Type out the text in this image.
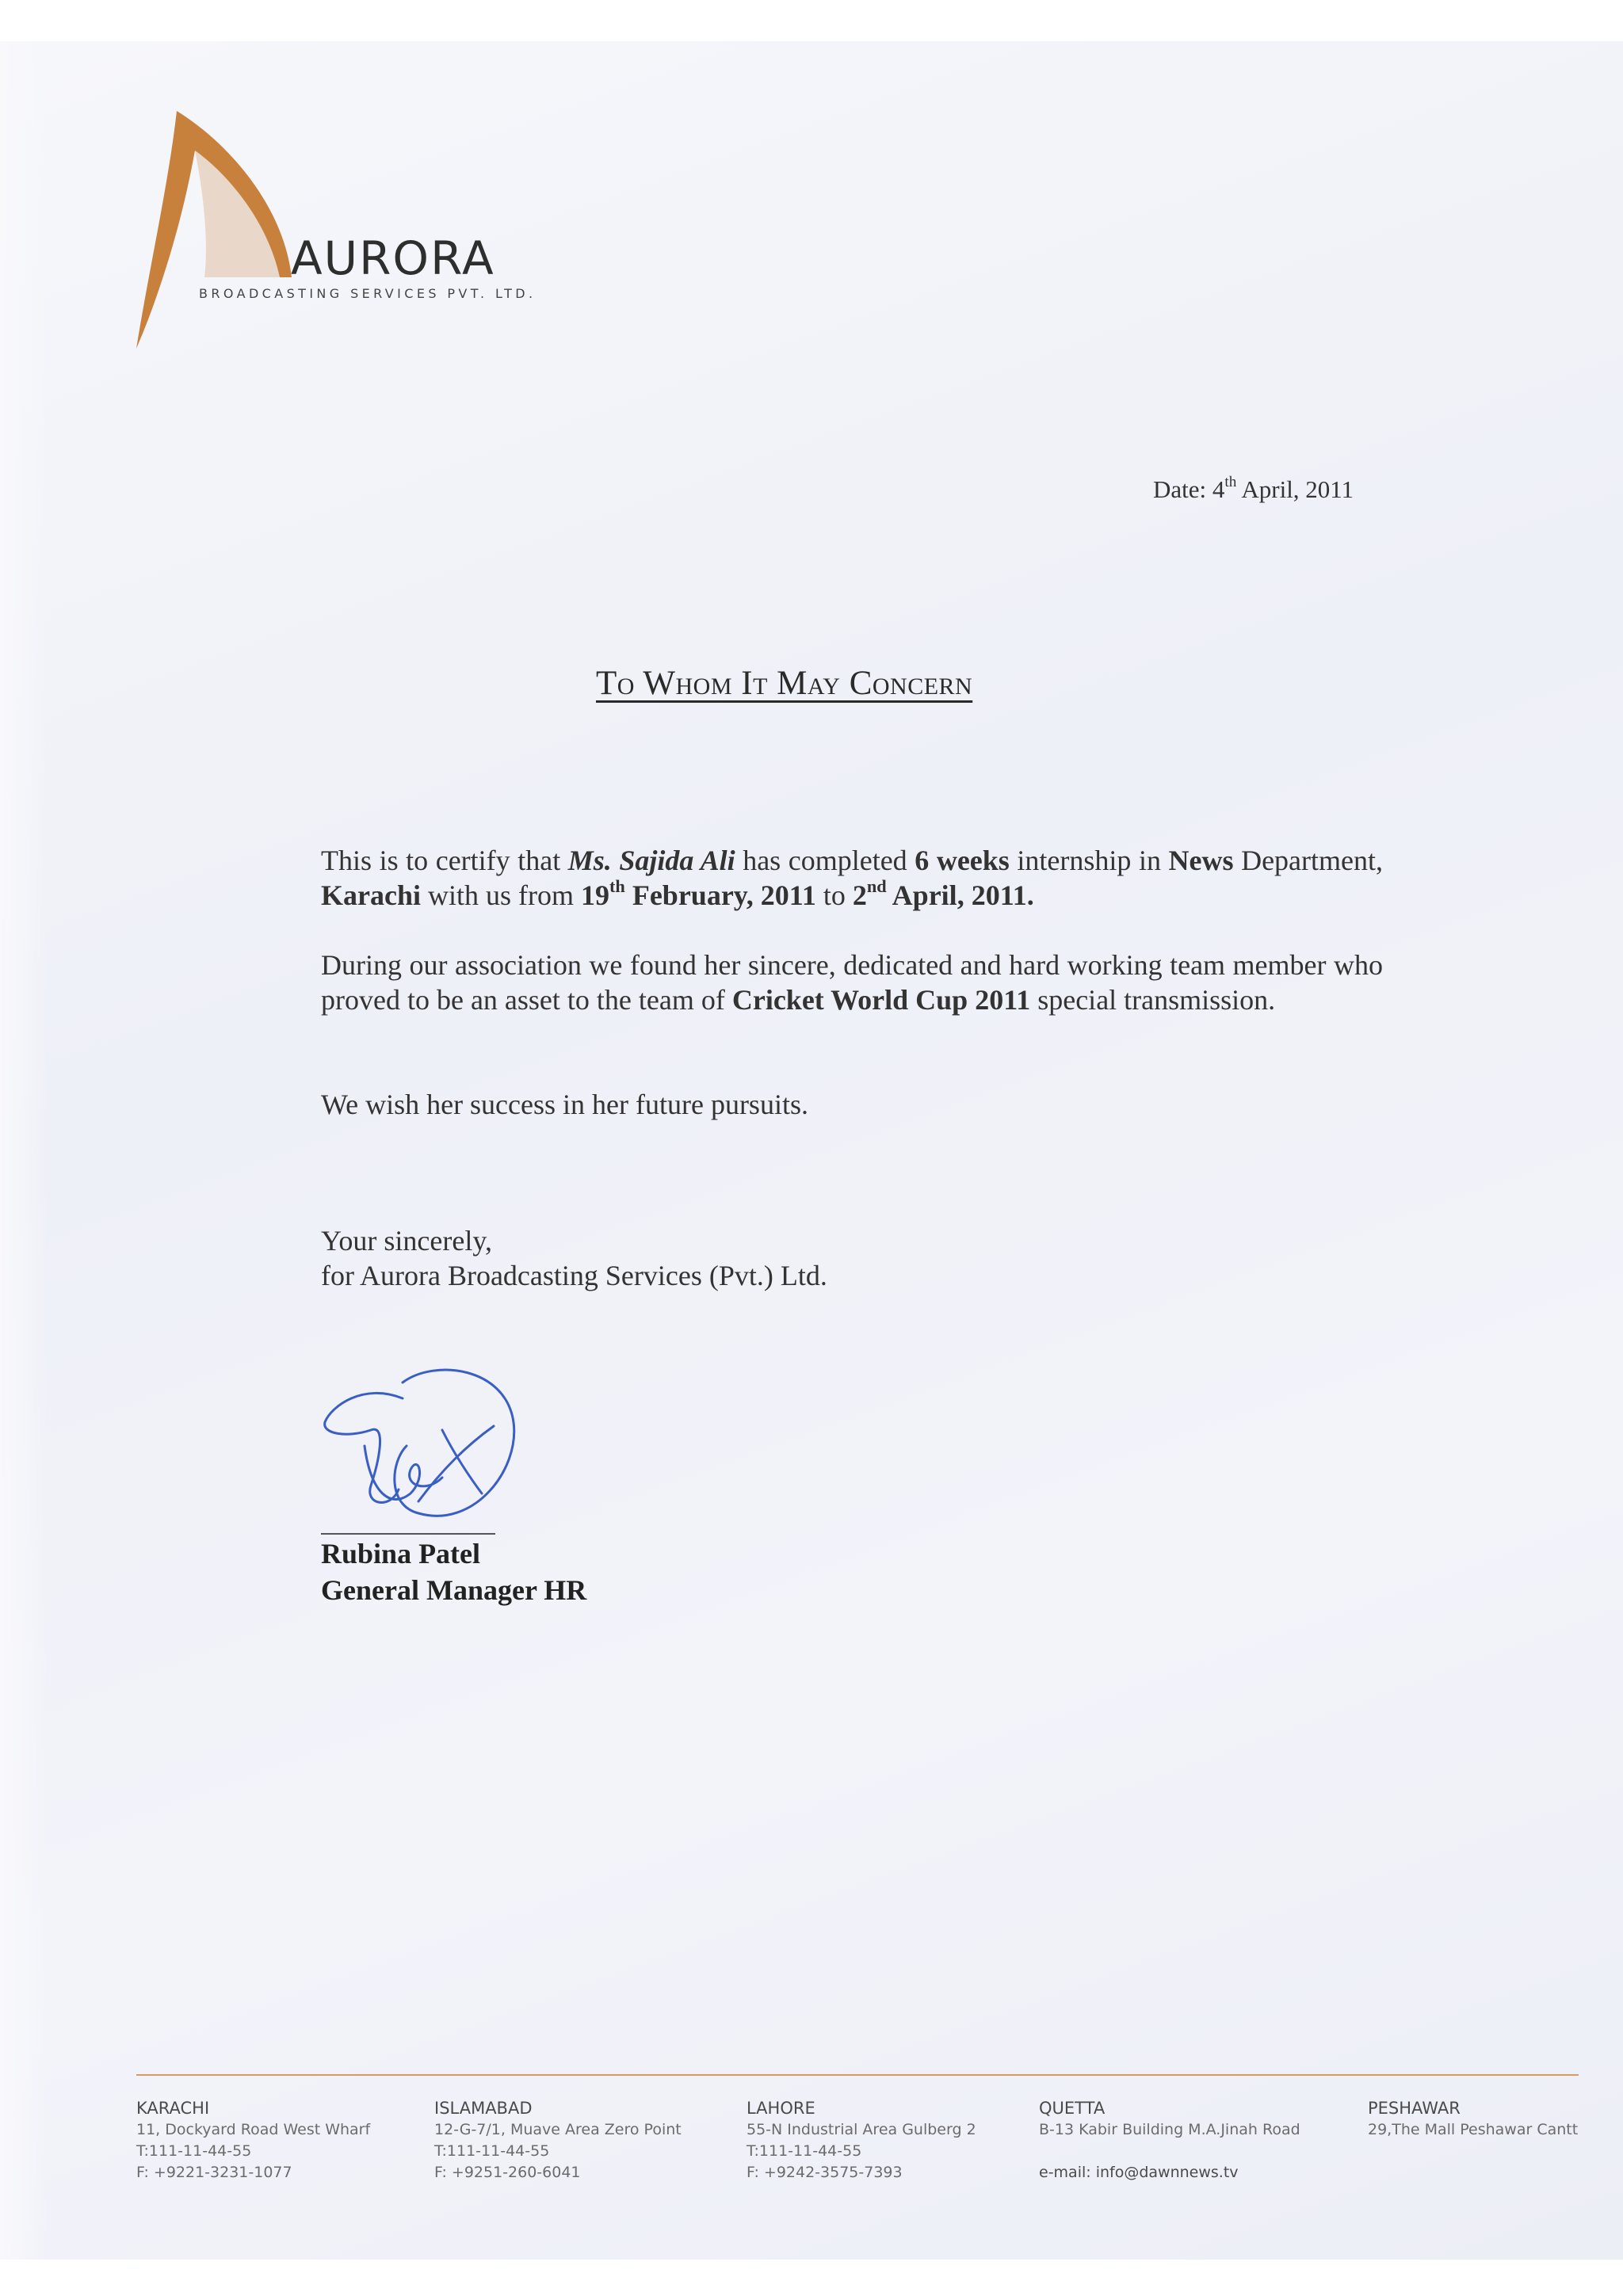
AURORA
BROADCASTING SERVICES PVT. LTD.
Date: 4th April, 2011
To Whom It May Concern
This is to certify that Ms. Sajida Ali has completed 6 weeks internship in News Department, Karachi with us from 19th February, 2011 to 2nd April, 2011.
During our association we found her sincere, dedicated and hard working team member who proved to be an asset to the team of Cricket World Cup 2011 special transmission.
We wish her success in her future pursuits.
Your sincerely,
for Aurora Broadcasting Services (Pvt.) Ltd.
Rubina Patel
General Manager HR
KARACHI
11, Dockyard Road West Wharf
T:111-11-44-55
F: +9221-3231-1077
ISLAMABAD
12-G-7/1, Muave Area Zero Point
T:111-11-44-55
F: +9251-260-6041
LAHORE
55-N Industrial Area Gulberg 2
T:111-11-44-55
F: +9242-3575-7393
QUETTA
B-13 Kabir Building M.A.Jinah Road
e-mail: info@dawnnews.tv
PESHAWAR
29,The Mall Peshawar Cantt
